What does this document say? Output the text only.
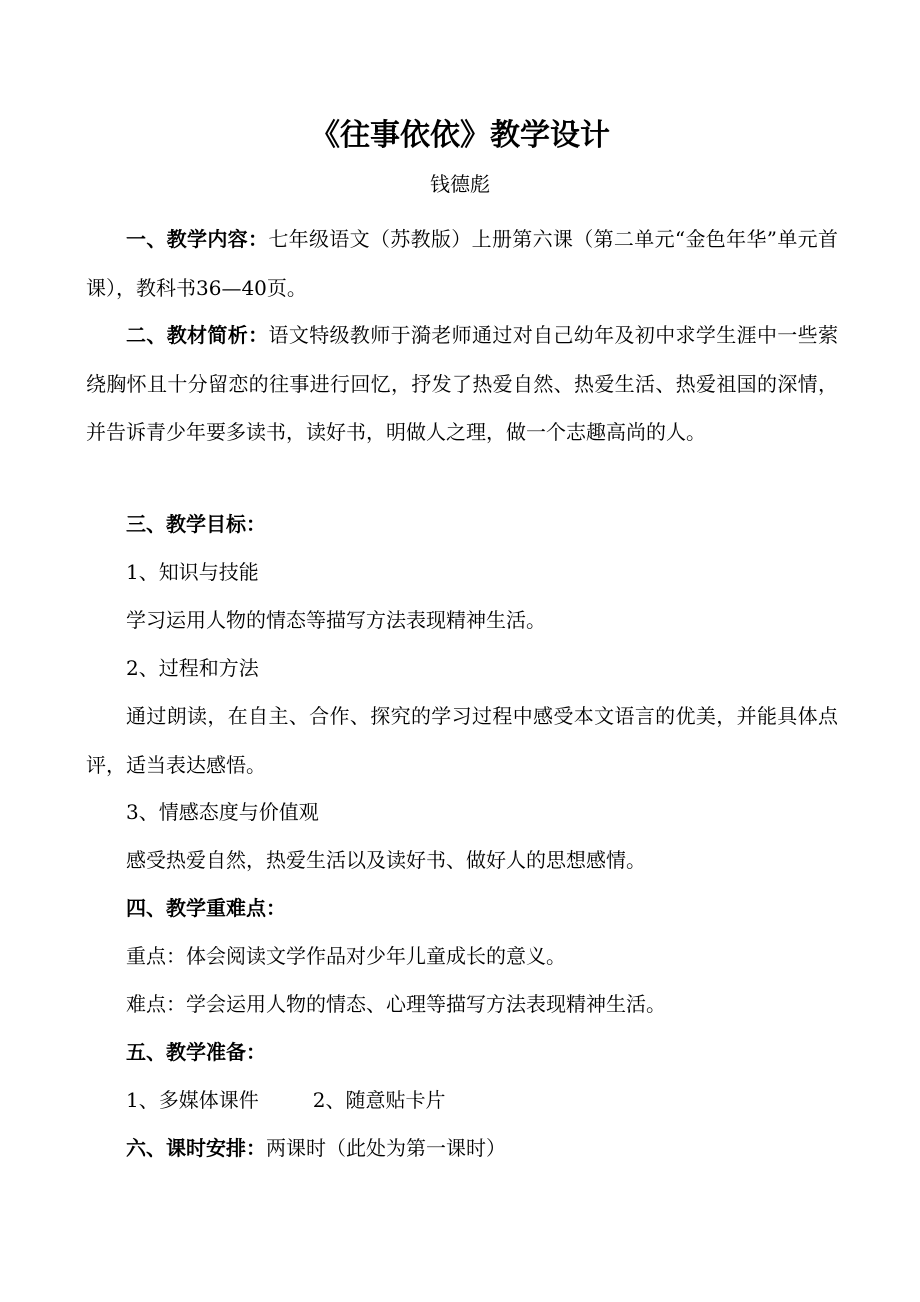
《往事依依》教学设计
钱德彪

一、教学内容：七年级语文（苏教版）上册第六课（第二单元“金色年华”单元首课），教科书36—40页。

二、教材简析：语文特级教师于漪老师通过对自己幼年及初中求学生涯中一些萦绕胸怀且十分留恋的往事进行回忆，抒发了热爱自然、热爱生活、热爱祖国的深情，并告诉青少年要多读书，读好书，明做人之理，做一个志趣高尚的人。

三、教学目标：

1、知识与技能

学习运用人物的情态等描写方法表现精神生活。

2、过程和方法

通过朗读，在自主、合作、探究的学习过程中感受本文语言的优美，并能具体点评，适当表达感悟。

3、情感态度与价值观

感受热爱自然，热爱生活以及读好书、做好人的思想感情。

四、教学重难点：

重点：体会阅读文学作品对少年儿童成长的意义。

难点：学会运用人物的情态、心理等描写方法表现精神生活。

五、教学准备：

1、多媒体课件	2、随意贴卡片

六、课时安排：两课时（此处为第一课时）
